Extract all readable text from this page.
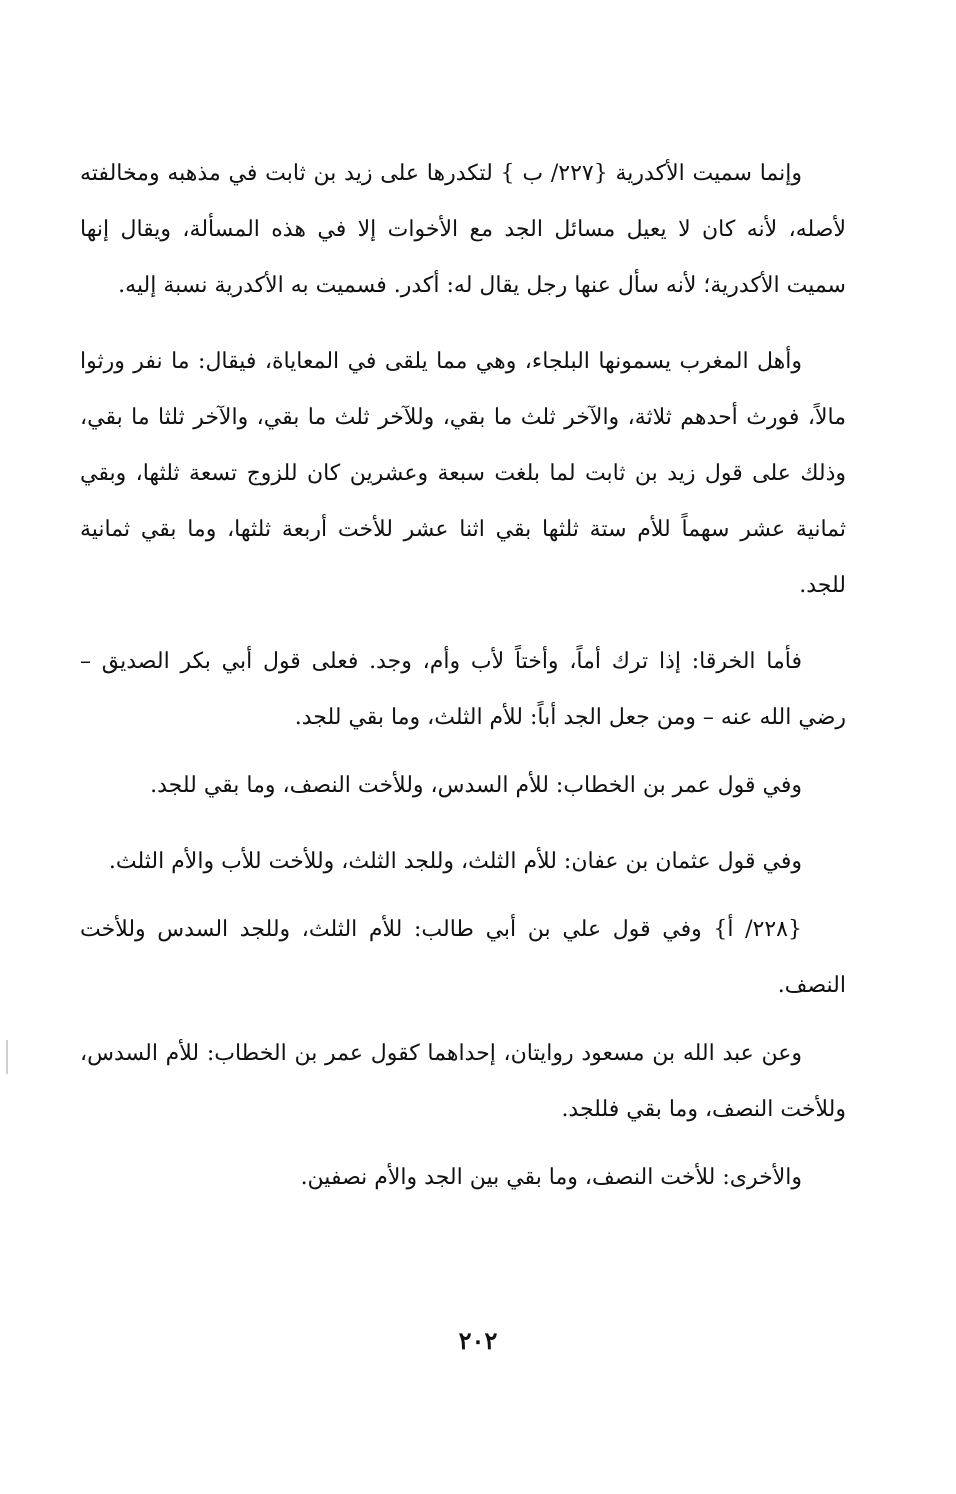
وإنما سميت الأكدرية {٢٢٧/ ب } لتكدرها على زيد بن ثابت في مذهبه ومخالفته لأصله، لأنه كان لا يعيل مسائل الجد مع الأخوات إلا في هذه المسألة، ويقال إنها سميت الأكدرية؛ لأنه سأل عنها رجل يقال له: أكدر. فسميت به الأكدرية نسبة إليه.

وأهل المغرب يسمونها البلجاء، وهي مما يلقى في المعاياة، فيقال: ما نفر ورثوا مالاً، فورث أحدهم ثلاثة، والآخر ثلث ما بقي، وللآخر ثلث ما بقي، والآخر ثلثا ما بقي، وذلك على قول زيد بن ثابت لما بلغت سبعة وعشرين كان للزوج تسعة ثلثها، وبقي ثمانية عشر سهماً للأم ستة ثلثها بقي اثنا عشر للأخت أربعة ثلثها، وما بقي ثمانية للجد.

فأما الخرقا: إذا ترك أماً، وأختاً لأب وأم، وجد. فعلى قول أبي بكر الصديق – رضي الله عنه – ومن جعل الجد أباً: للأم الثلث، وما بقي للجد.

وفي قول عمر بن الخطاب: للأم السدس، وللأخت النصف، وما بقي للجد.

وفي قول عثمان بن عفان: للأم الثلث، وللجد الثلث، وللأخت للأب والأم الثلث.

{٢٢٨/ أ} وفي قول علي بن أبي طالب: للأم الثلث، وللجد السدس وللأخت النصف.

وعن عبد الله بن مسعود روايتان، إحداهما كقول عمر بن الخطاب: للأم السدس، وللأخت النصف، وما بقي فللجد.

والأخرى: للأخت النصف، وما بقي بين الجد والأم نصفين.

٢٠٢
